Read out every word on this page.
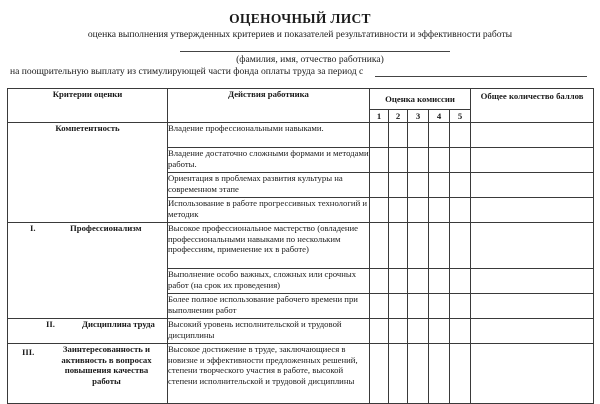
ОЦЕНОЧНЫЙ ЛИСТ
оценка выполнения утвержденных критериев и показателей результативности и эффективности работы
(фамилия, имя, отчество работника)
на поощрительную выплату из стимулирующей части фонда оплаты труда за период с
Критерии оценки	Действия работника	Оценка комиссии					Общее количество баллов
		1	2	3	4	5	
Компетентность	Владение профессиональными навыками.						
	Владение достаточно сложными формами и методами работы.						
	Ориентация в проблемах развития культуры на современном этапе						
	Использование в работе прогрессивных технологий и методик						
I. Профессионализм	Высокое профессиональное мастерство (овладение профессиональными навыками по нескольким профессиям, применение их в работе)						
	Выполнение особо важных, сложных или срочных работ (на срок их проведения)						
	Более полное использование рабочего времени при выполнении работ						
II. Дисциплина труда	Высокий уровень исполнительской и трудовой дисциплины						

III. Заинтересованность и активность в вопросах повышения качества работы	Высокое достижение в труде, заключающиеся в новизне и эффективности предложенных решений, степени творческого участия в работе, высокой степени исполнительской и трудовой дисциплины						
